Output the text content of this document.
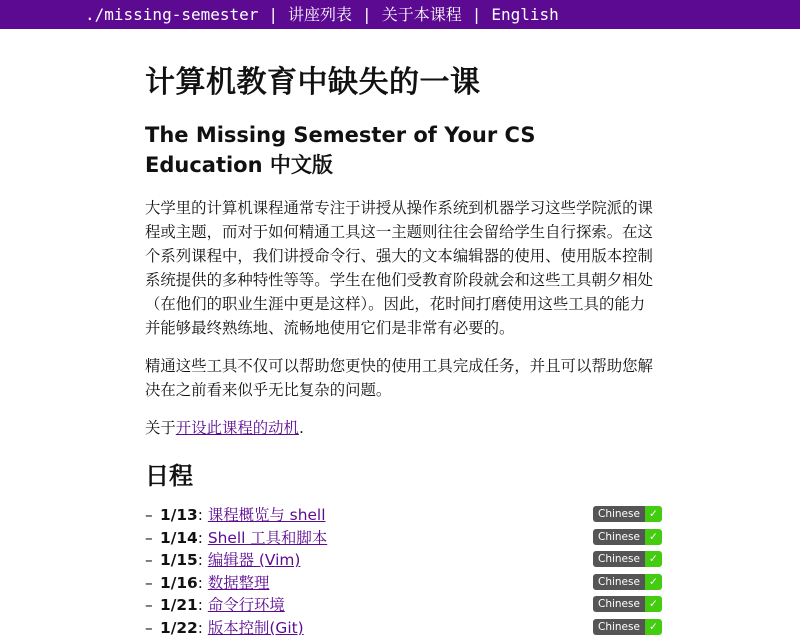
./missing-semester | 讲座列表 | 关于本课程 | English
计算机教育中缺失的一课
The Missing Semester of Your CS Education 中文版

大学里的计算机课程通常专注于讲授从操作系统到机器学习这些学院派的课程或主题，而对于如何精通工具这一主题则往往会留给学生自行探索。在这个系列课程中，我们讲授命令行、强大的文本编辑器的使用、使用版本控制系统提供的多种特性等等。学生在他们受教育阶段就会和这些工具朝夕相处（在他们的职业生涯中更是这样）。因此，花时间打磨使用这些工具的能力并能够最终熟练地、流畅地使用它们是非常有必要的。

精通这些工具不仅可以帮助您更快的使用工具完成任务，并且可以帮助您解决在之前看来似乎无比复杂的问题。

关于开设此课程的动机.

日程
– 1/13: 课程概览与 shell	Chinese ✓
– 1/14: Shell 工具和脚本	Chinese ✓
– 1/15: 编辑器 (Vim)	Chinese ✓
– 1/16: 数据整理	Chinese ✓
– 1/21: 命令行环境	Chinese ✓
– 1/22: 版本控制(Git)	Chinese ✓
